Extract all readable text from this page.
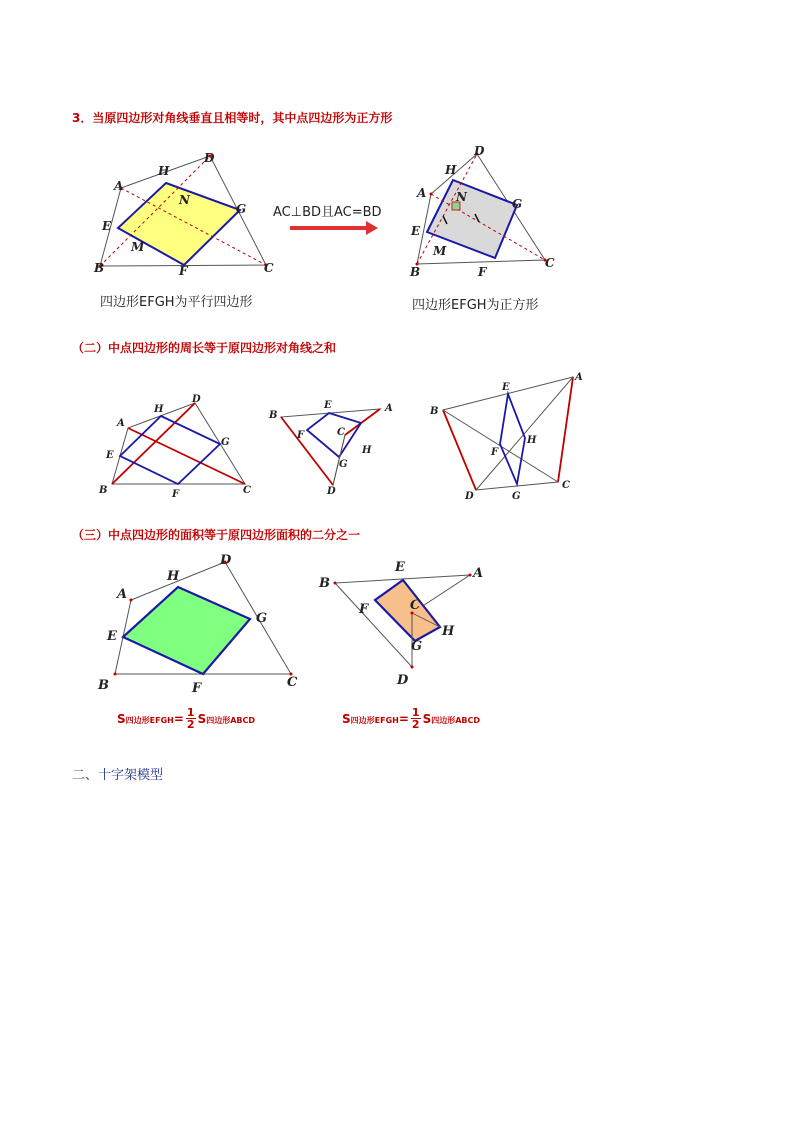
3．当原四边形对角线垂直且相等时，其中点四边形为正方形
A
B	C
D
E
F
G
H
N
M
四边形EFGH为平行四边形
AC⊥BD且AC=BD
A
B
C
D
E
F
G
H
N
M
四边形EFGH为正方形
（二）中点四边形的周长等于原四边形对角线之和
A
B	C
D
E
F
G
H	A
B
C
D
E
F
G
H
A
B
C
D
E
F
G
H
（三）中点四边形的面积等于原四边形面积的二分之一
A
B	C
D
E
F
G
H
S四边形EFGH= $\frac{1}{2}$ S四边形ABCD
A
B
C
D
E
F
G
H
S四边形EFGH= $\frac{1}{2}$ S四边形ABCD
二、十字架模型
